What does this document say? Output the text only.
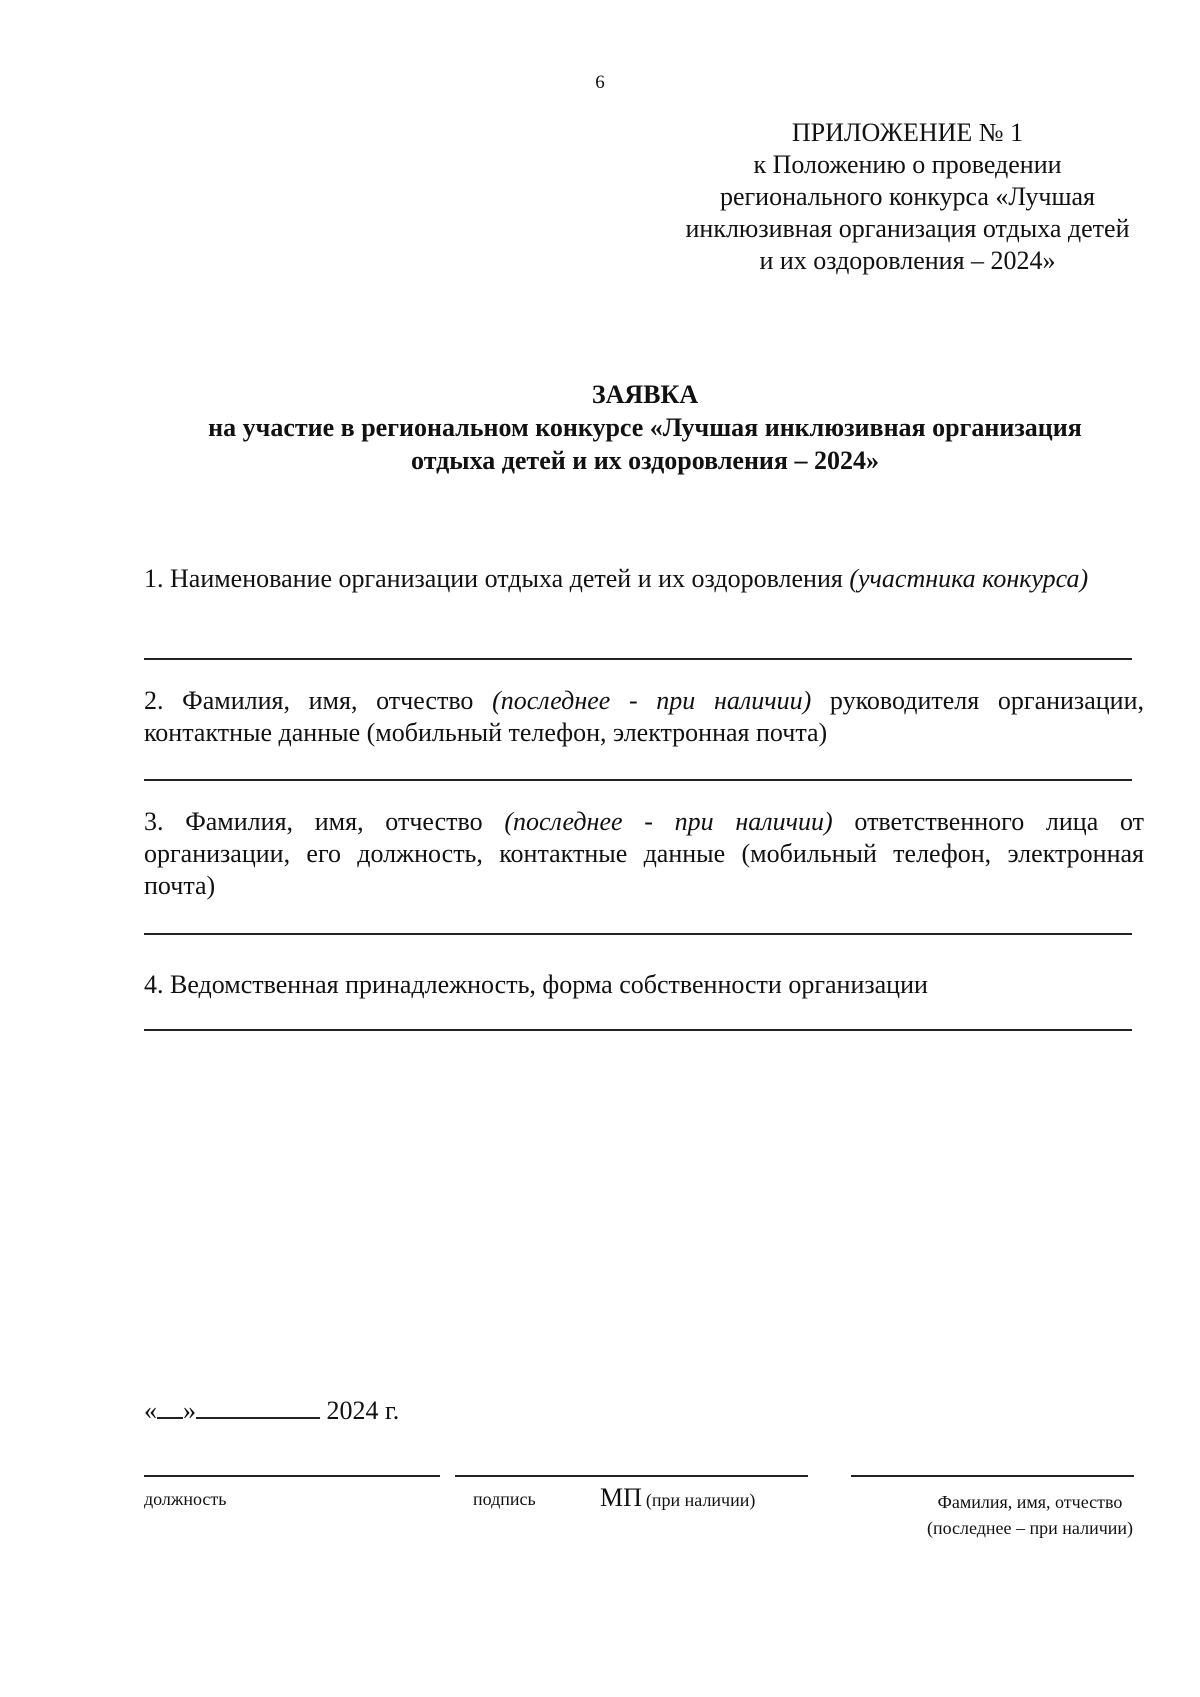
6
ПРИЛОЖЕНИЕ № 1
к Положению о проведении
регионального конкурса «Лучшая
инклюзивная организация отдыха детей
и их оздоровления – 2024»
ЗАЯВКА
на участие в региональном конкурсе «Лучшая инклюзивная организация
отдыха детей и их оздоровления – 2024»
1. Наименование организации отдыха детей и их оздоровления (участника конкурса)
2. Фамилия, имя, отчество (последнее - при наличии) руководителя организации, контактные данные (мобильный телефон, электронная почта)
3. Фамилия, имя, отчество (последнее - при наличии) ответственного лица от организации, его должность, контактные данные (мобильный телефон, электронная почта)
4. Ведомственная принадлежность, форма собственности организации
« »	2024 г.
должность	подпись МП (при наличии)	Фамилия, имя, отчество
(последнее – при наличии)
